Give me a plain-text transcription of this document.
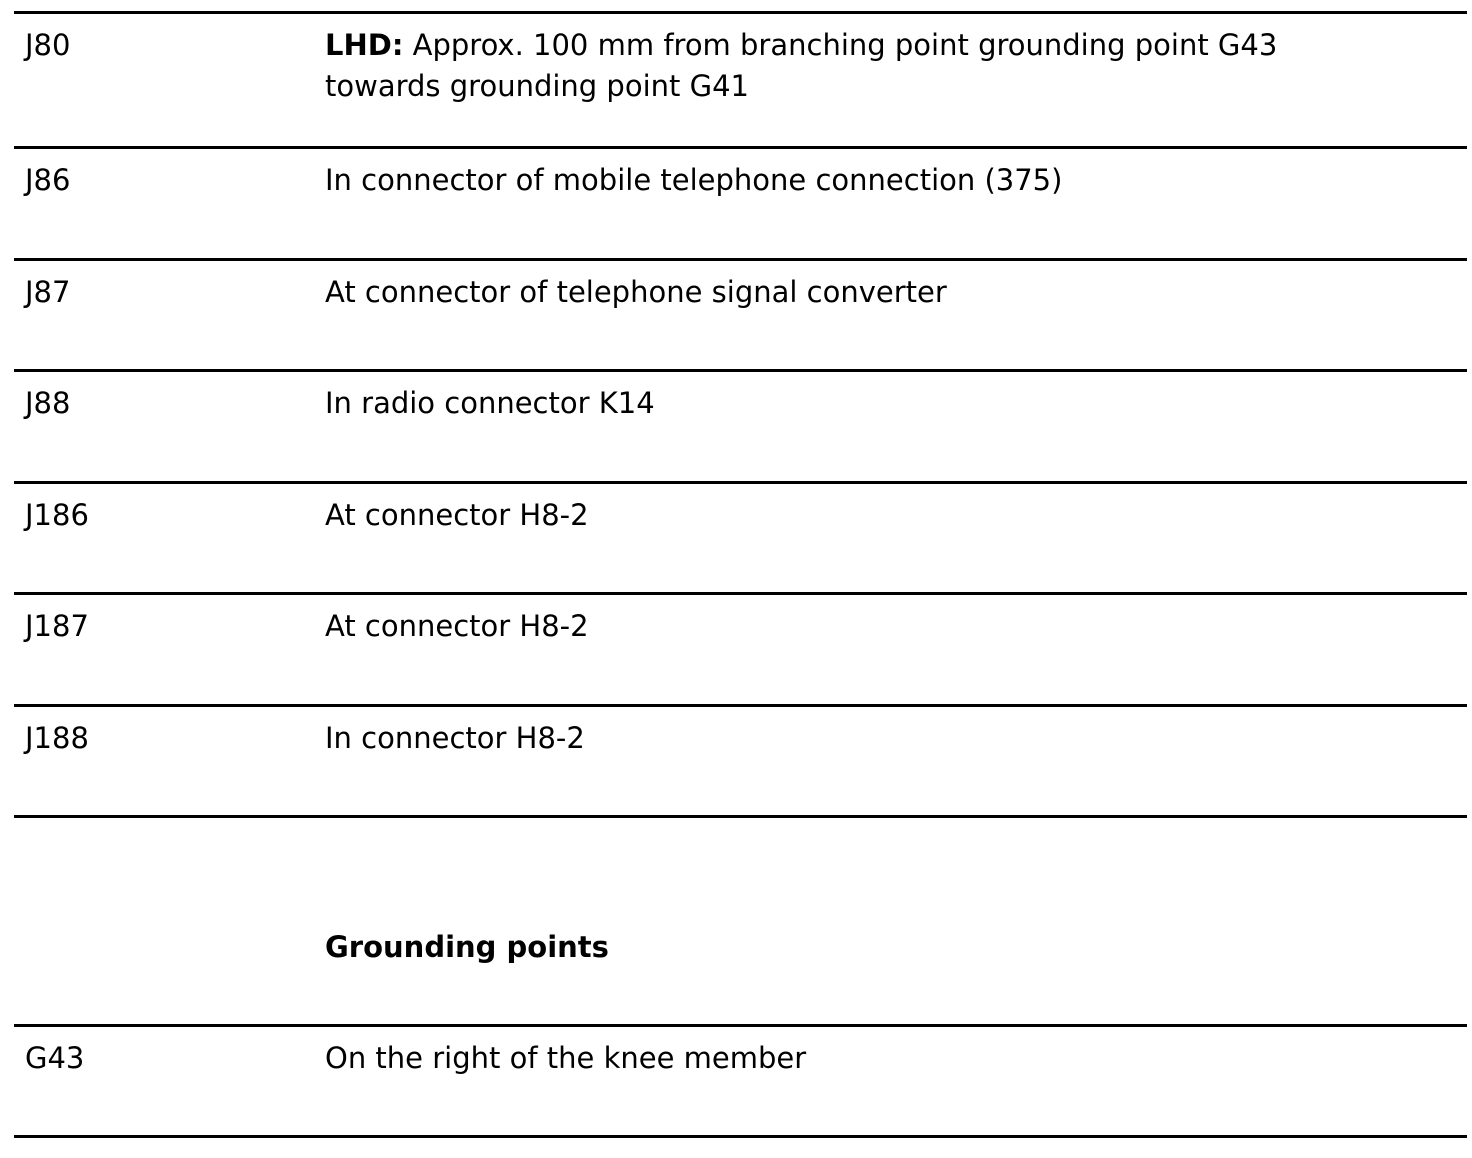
J80	LHD: Approx. 100 mm from branching point grounding point G43 towards grounding point G41
J86	In connector of mobile telephone connection (375)
J87	At connector of telephone signal converter
J88	In radio connector K14
J186	At connector H8-2
J187	At connector H8-2
J188	In connector H8-2
Grounding points
G43	On the right of the knee member
